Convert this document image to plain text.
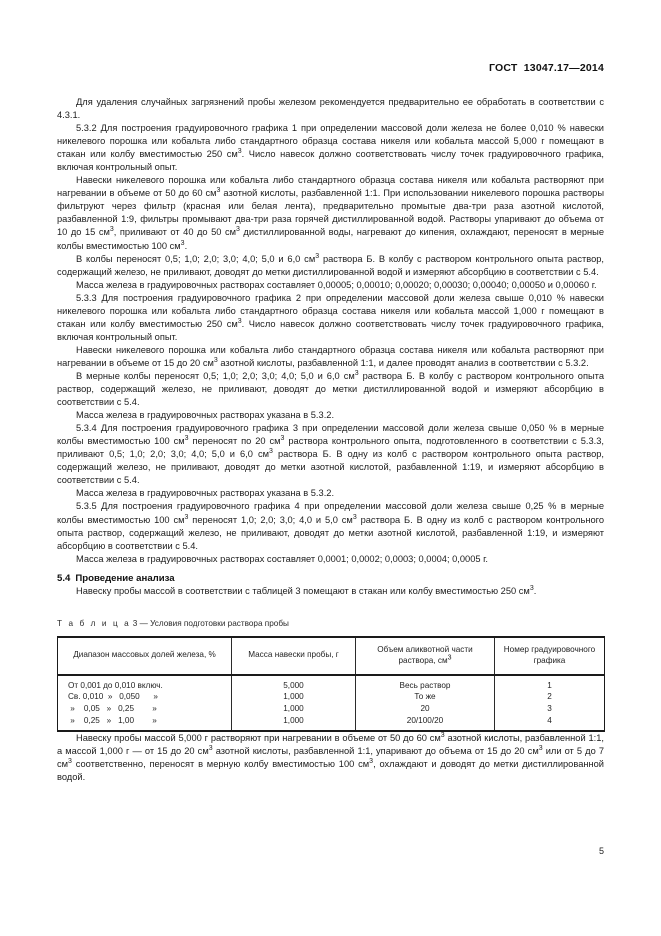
ГОСТ  13047.17—2014

Для удаления случайных загрязнений пробы железом рекомендуется предварительно ее обработать в соответствии с 4.3.1.

5.3.2 Для построения градуировочного графика 1 при определении массовой доли железа не более 0,010 % навески никелевого порошка или кобальта либо стандартного образца состава никеля или кобальта массой 5,000 г помещают в стакан или колбу вместимостью 250 $см^3$. Число навесок должно соответствовать числу точек градуировочного графика, включая контрольный опыт.

Навески никелевого порошка или кобальта либо стандартного образца состава никеля или кобальта растворяют при нагревании в объеме от 50 до 60 $см^3$ азотной кислоты, разбавленной 1:1. При использовании никелевого порошка растворы фильтруют через фильтр (красная или белая лента), предварительно промытые два-три раза азотной кислотой, разбавленной 1:9, фильтры промывают два-три раза горячей дистиллированной водой. Растворы упаривают до объема от 10 до 15 $см^3$, приливают от 40 до 50 $см^3$ дистиллированной воды, нагревают до кипения, охлаждают, переносят в мерные колбы вместимостью 100 $см^3$.

В колбы переносят 0,5; 1,0; 2,0; 3,0; 4,0; 5,0 и 6,0 $см^3$ раствора Б. В колбу с раствором контрольного опыта раствор, содержащий железо, не приливают, доводят до метки дистиллированной водой и измеряют абсорбцию в соответствии с 5.4.

Масса железа в градуировочных растворах составляет 0,00005; 0,00010; 0,00020; 0,00030; 0,00040; 0,00050 и 0,00060 г.

5.3.3 Для построения градуировочного графика 2 при определении массовой доли железа свыше 0,010 % навески никелевого порошка или кобальта либо стандартного образца состава никеля или кобальта массой 1,000 г помещают в стакан или колбу вместимостью 250 $см^3$. Число навесок должно соответствовать числу точек градуировочного графика, включая контрольный опыт.

Навески никелевого порошка или кобальта либо стандартного образца состава никеля или кобальта растворяют при нагревании в объеме от 15 до 20 $см^3$ азотной кислоты, разбавленной 1:1, и далее проводят анализ в соответствии с 5.3.2.

В мерные колбы переносят 0,5; 1,0; 2,0; 3,0; 4,0; 5,0 и 6,0 $см^3$ раствора Б. В колбу с раствором контрольного опыта раствор, содержащий железо, не приливают, доводят до метки дистиллированной водой и измеряют абсорбцию в соответствии с 5.4.

Масса железа в градуировочных растворах указана в 5.3.2.

5.3.4 Для построения градуировочного графика 3 при определении массовой доли железа свыше 0,050 % в мерные колбы вместимостью 100 $см^3$ переносят по 20 $см^3$ раствора контрольного опыта, подготовленного в соответствии с 5.3.3, приливают 0,5; 1,0; 2,0; 3,0; 4,0; 5,0 и 6,0 $см^3$ раствора Б. В одну из колб с раствором контрольного опыта раствор, содержащий железо, не приливают, доводят до метки азотной кислотой, разбавленной 1:19, и измеряют абсорбцию в соответствии с 5.4.

Масса железа в градуировочных растворах указана в 5.3.2.

5.3.5 Для построения градуировочного графика 4 при определении массовой доли железа свыше 0,25 % в мерные колбы вместимостью 100 $см^3$ переносят 1,0; 2,0; 3,0; 4,0 и 5,0 $см^3$ раствора Б. В одну из колб с раствором контрольного опыта раствор, содержащий железо, не приливают, доводят до метки азотной кислотой, разбавленной 1:19, и измеряют абсорбцию в соответствии с 5.4.

Масса железа в градуировочных растворах составляет 0,0001; 0,0002; 0,0003; 0,0004; 0,0005 г.

5.4 Проведение анализа

Навеску пробы массой в соответствии с таблицей 3 помещают в стакан или колбу вместимостью 250 $см^3$.

Т а б л и ц а 3 — Условия подготовки раствора пробы
Диапазон массовых долей железа, %	Масса навески пробы, г	Объем аликвотной части раствора, $см^3$	Номер градуировочного графика
От 0,001 до 0,010 включ.	5,000	Весь раствор	1
Св. 0,010  »   0,050      »	1,000	То же	2
»    0,05   »   0,25        »	1,000	20	3
»    0,25   »   1,00        »	1,000	20/100/20	4

Навеску пробы массой 5,000 г растворяют при нагревании в объеме от 50 до 60 $см^3$ азотной кислоты, разбавленной 1:1, а массой 1,000 г — от 15 до 20 $см^3$ азотной кислоты, разбавленной 1:1, упаривают до объема от 15 до 20 $см^3$ или от 5 до 7 $см^3$ соответственно, переносят в мерную колбу вместимостью 100 $см^3$, охлаждают и доводят до метки дистиллированной водой.

5
